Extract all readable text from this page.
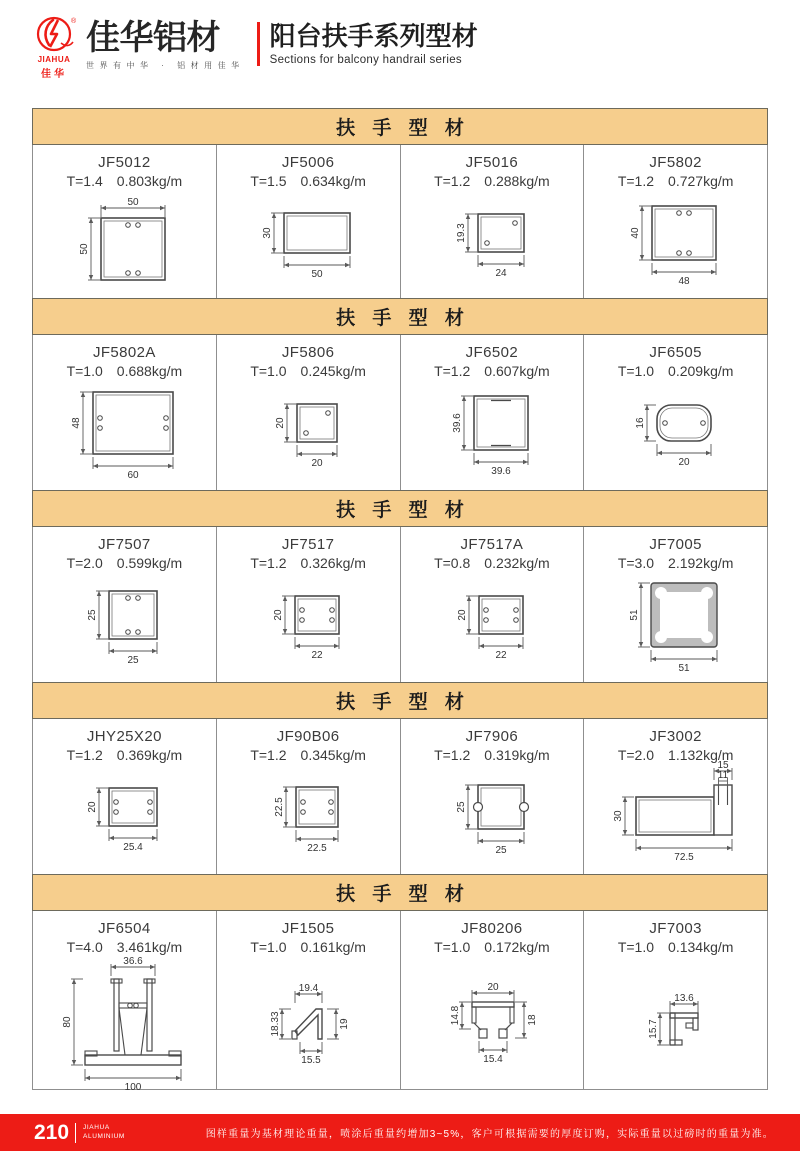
®
JIAHUA
佳华
佳华铝材
世界有中华 · 铝材用佳华
阳台扶手系列型材
Sections for balcony handrail series
扶 手 型 材
JF5012
T=1.4 0.803kg/m
50
50
JF5006
T=1.5 0.634kg/m
50
30
JF5016
T=1.2 0.288kg/m
24
19.3
JF5802
T=1.2 0.727kg/m
48
40
扶 手 型 材
JF5802A
T=1.0 0.688kg/m
60
48
JF5806
T=1.0 0.245kg/m
20
20
JF6502
T=1.2 0.607kg/m
39.6
39.6
JF6505
T=1.0 0.209kg/m
20
16
扶 手 型 材
JF7507
T=2.0 0.599kg/m
25
25
JF7517
T=1.2 0.326kg/m
22
20
JF7517A
T=0.8 0.232kg/m
22
20
JF7005
T=3.0 2.192kg/m
51
51
扶 手 型 材
JHY25X20
T=1.2 0.369kg/m
25.4
20
JF90B06
T=1.2 0.345kg/m
22.5
22.5
JF7906
T=1.2 0.319kg/m
25
25
JF3002
T=2.0 1.132kg/m
15
11
30
72.5
扶 手 型 材
JF6504
T=4.0 3.461kg/m
36.6
80
100
JF1505
T=1.0 0.161kg/m
19.4
18.33	19
15.5
JF80206
T=1.0 0.172kg/m
20
14.8	18
15.4
JF7003
T=1.0 0.134kg/m
13.6
15.7
210 JIAHUA
ALUMINIUM	图样重量为基材理论重量，喷涂后重量约增加3~5%，客户可根据需要的厚度订购，实际重量以过磅时的重量为准。
